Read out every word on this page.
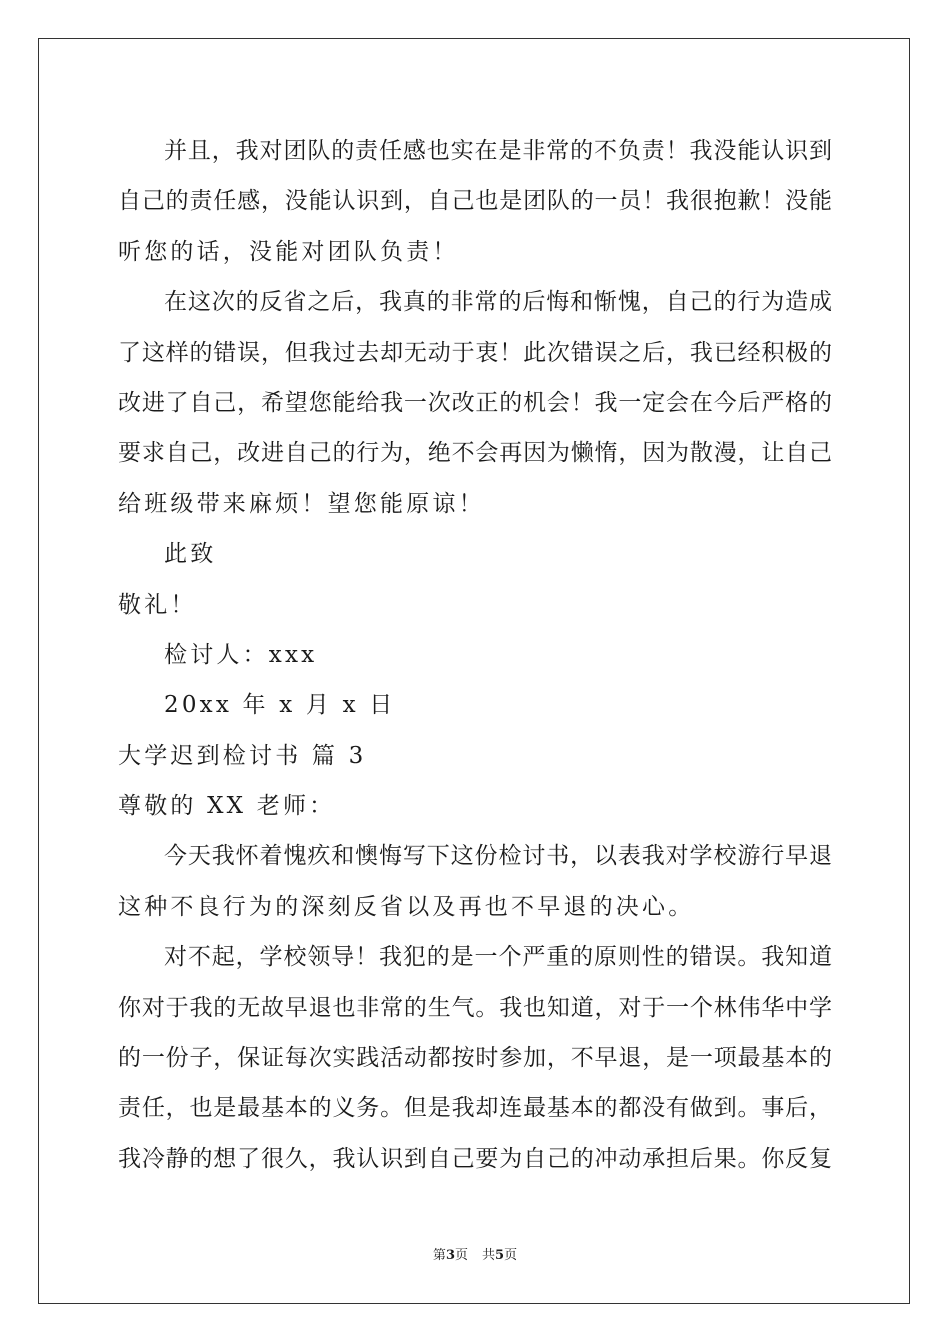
并且，我对团队的责任感也实在是非常的不负责！我没能认识到
自己的责任感，没能认识到，自己也是团队的一员！我很抱歉！没能
听您的话，没能对团队负责！
在这次的反省之后，我真的非常的后悔和惭愧，自己的行为造成
了这样的错误，但我过去却无动于衷！此次错误之后，我已经积极的
改进了自己，希望您能给我一次改正的机会！我一定会在今后严格的
要求自己，改进自己的行为，绝不会再因为懒惰，因为散漫，让自己
给班级带来麻烦！望您能原谅！
此致
敬礼！
检讨人：xxx
20xx 年 x 月 x 日
大学迟到检讨书 篇 3
尊敬的 XX 老师：
今天我怀着愧疚和懊悔写下这份检讨书，以表我对学校游行早退
这种不良行为的深刻反省以及再也不早退的决心。
对不起，学校领导！我犯的是一个严重的原则性的错误。我知道
你对于我的无故早退也非常的生气。我也知道，对于一个林伟华中学
的一份子，保证每次实践活动都按时参加，不早退，是一项最基本的
责任，也是最基本的义务。但是我却连最基本的都没有做到。事后，
我冷静的想了很久，我认识到自己要为自己的冲动承担后果。你反复
第3页 共5页
